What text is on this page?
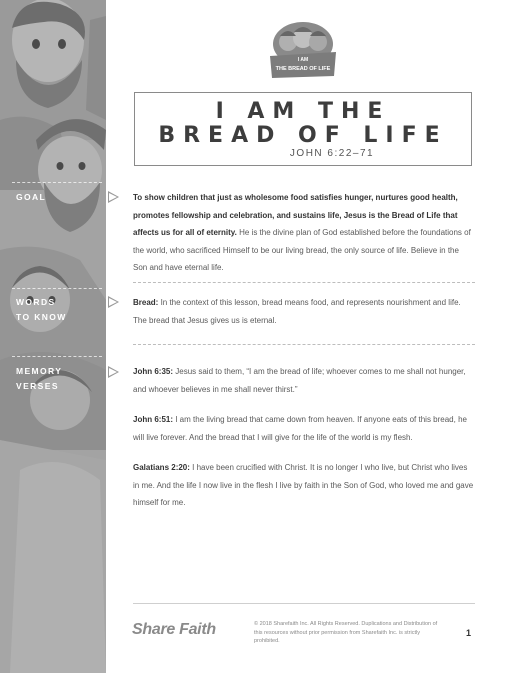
GOAL
WORDS
TO KNOW
MEMORY
VERSES
I AM
THE BREAD OF LIFE
I AM THE
BREAD OF LIFE
JOHN 6:22–71
To show children that just as wholesome food satisfies hunger, nurtures good health, promotes fellowship and celebration, and sustains life, Jesus is the Bread of Life that affects us for all of eternity. He is the divine plan of God established before the foundations of the world, who sacrificed Himself to be our living bread, the only source of life. Believe in the Son and have eternal life.
Bread: In the context of this lesson, bread means food, and represents nourishment and life. The bread that Jesus gives us is eternal.
John 6:35: Jesus said to them, “I am the bread of life; whoever comes to me shall not hunger, and whoever believes in me shall never thirst.”
John 6:51: I am the living bread that came down from heaven. If anyone eats of this bread, he will live forever. And the bread that I will give for the life of the world is my flesh.
Galatians 2:20: I have been crucified with Christ. It is no longer I who live, but Christ who lives in me. And the life I now live in the flesh I live by faith in the Son of God, who loved me and gave himself for me.
Share Faith	© 2018 Sharefaith Inc. All Rights Reserved. Duplications and Distribution of this resources without prior permission from Sharefaith Inc. is strictly prohibited.
1
